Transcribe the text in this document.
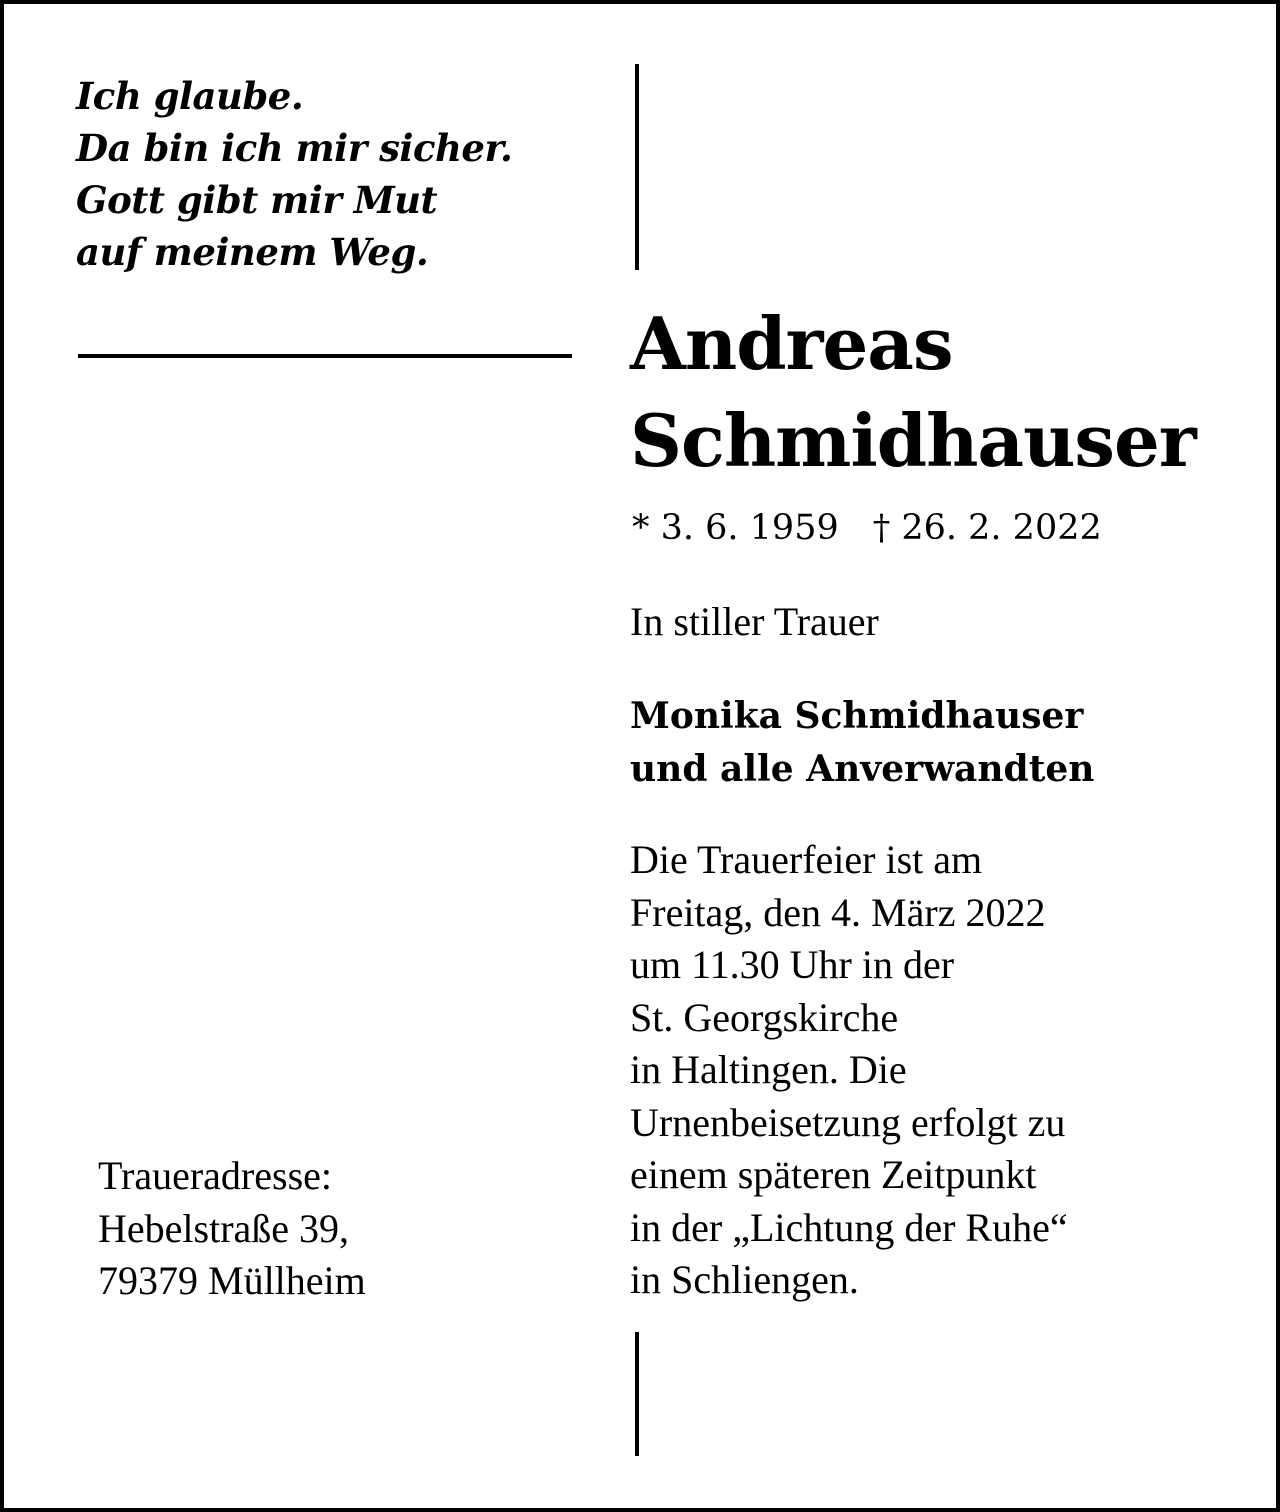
Ich glaube.
Da bin ich mir sicher.
Gott gibt mir Mut
auf meinem Weg.
Andreas
Schmidhauser
* 3. 6. 1959 † 26. 2. 2022
In stiller Trauer
Monika Schmidhauser
und alle Anverwandten
Die Trauerfeier ist am
Freitag, den 4. März 2022
um 11.30 Uhr in der
St. Georgskirche
in Haltingen. Die
Urnenbeisetzung erfolgt zu
einem späteren Zeitpunkt
in der „Lichtung der Ruhe“
in Schliengen.
Traueradresse:
Hebelstraße 39,
79379 Müllheim
